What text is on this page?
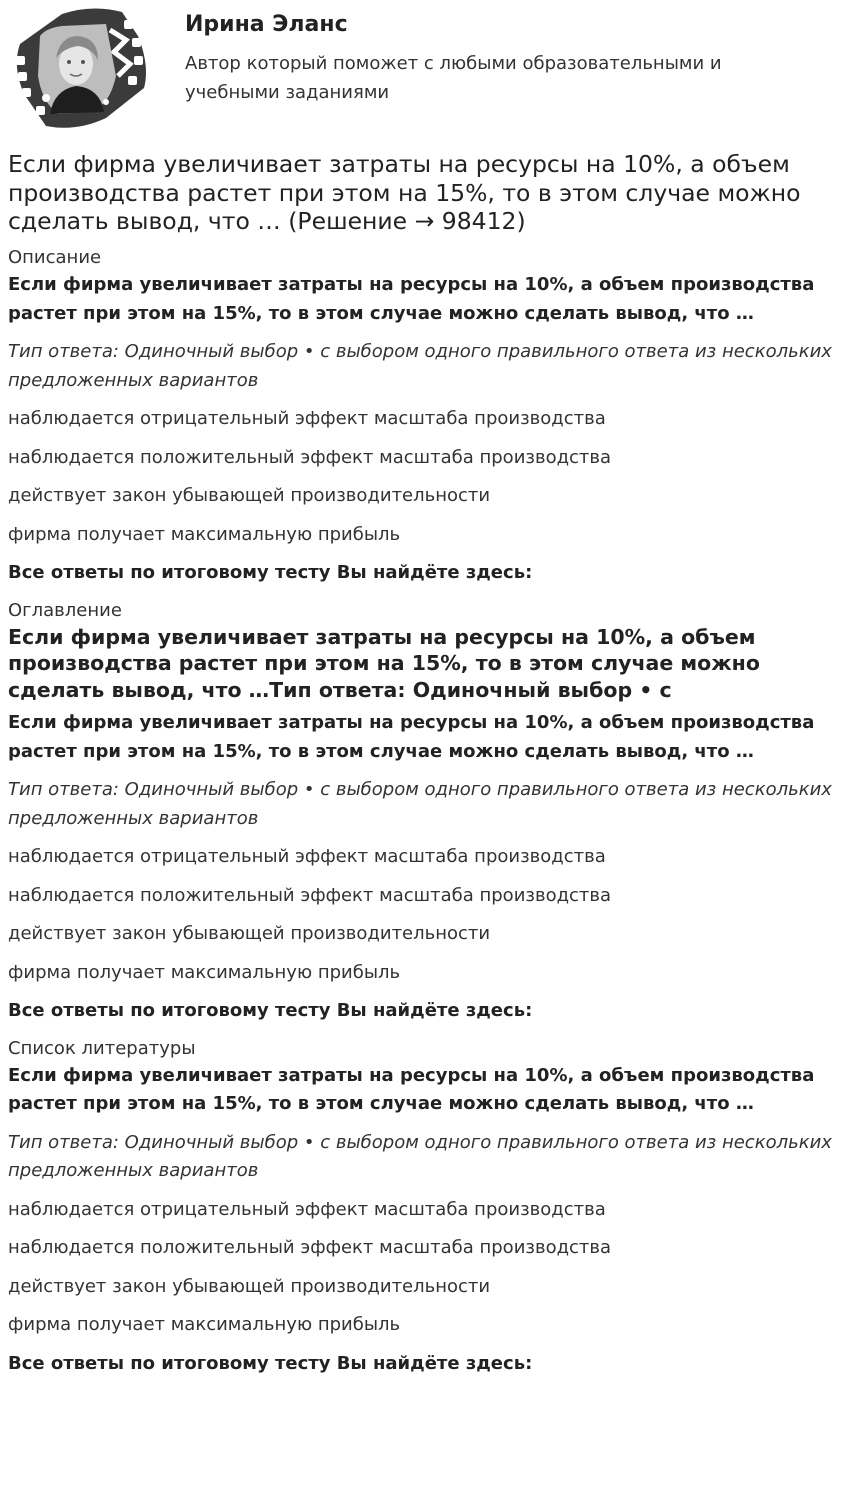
Ирина Эланс
Автор который поможет с любыми образовательными и учебными заданиями
Если фирма увеличивает затраты на ресурсы на 10%, а объем производства растет при этом на 15%, то в этом случае можно сделать вывод, что … (Решение → 98412)

Описание

Если фирма увеличивает затраты на ресурсы на 10%, а объем производства растет при этом на 15%, то в этом случае можно сделать вывод, что …

Тип ответа: Одиночный выбор • с выбором одного правильного ответа из нескольких предложенных вариантов

наблюдается отрицательный эффект масштаба производства

наблюдается положительный эффект масштаба производства

действует закон убывающей производительности

фирма получает максимальную прибыль

Все ответы по итоговому тесту Вы найдёте здесь:

Оглавление

Если фирма увеличивает затраты на ресурсы на 10%, а объем производства растет при этом на 15%, то в этом случае можно сделать вывод, что …Тип ответа: Одиночный выбор • с

Если фирма увеличивает затраты на ресурсы на 10%, а объем производства растет при этом на 15%, то в этом случае можно сделать вывод, что …

Тип ответа: Одиночный выбор • с выбором одного правильного ответа из нескольких предложенных вариантов

наблюдается отрицательный эффект масштаба производства

наблюдается положительный эффект масштаба производства

действует закон убывающей производительности

фирма получает максимальную прибыль

Все ответы по итоговому тесту Вы найдёте здесь:

Список литературы

Если фирма увеличивает затраты на ресурсы на 10%, а объем производства растет при этом на 15%, то в этом случае можно сделать вывод, что …

Тип ответа: Одиночный выбор • с выбором одного правильного ответа из нескольких предложенных вариантов

наблюдается отрицательный эффект масштаба производства

наблюдается положительный эффект масштаба производства

действует закон убывающей производительности

фирма получает максимальную прибыль

Все ответы по итоговому тесту Вы найдёте здесь:
